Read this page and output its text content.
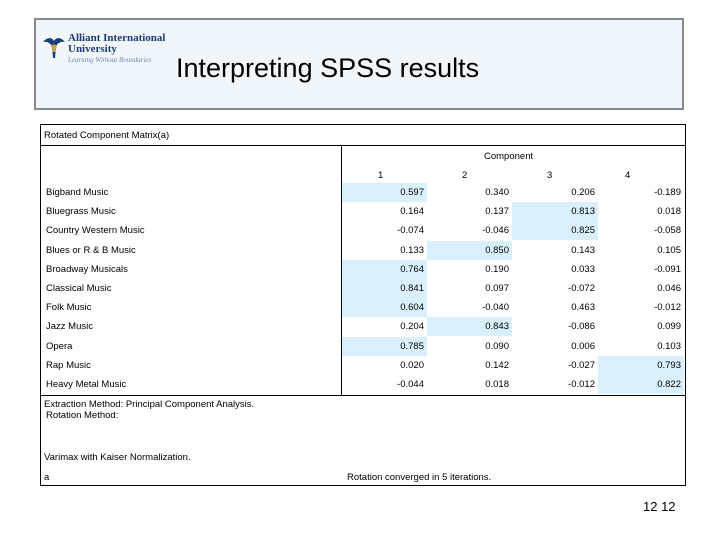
Alliant International
University
Learning Without Boundaries Interpreting SPSS results
Rotated Component Matrix(a)
Component
1	2	3	4
Bigband Music	0.597	0.340	0.206	-0.189
Bluegrass Music	0.164	0.137	0.813	0.018
Country Western Music	-0.074	-0.046	0.825	-0.058
Blues or R & B Music	0.133	0.850	0.143	0.105
Broadway Musicals	0.764	0.190	0.033	-0.091
Classical Music	0.841	0.097	-0.072	0.046
Folk Music	0.604	-0.040	0.463	-0.012
Jazz Music	0.204	0.843	-0.086	0.099
Opera	0.785	0.090	0.006	0.103
Rap Music	0.020	0.142	-0.027	0.793
Heavy Metal Music	-0.044	0.018	-0.012	0.822
Extraction Method: Principal Component Analysis.
Rotation Method:
Varimax with Kaiser Normalization.
a	Rotation converged in 5 iterations.
12 12
